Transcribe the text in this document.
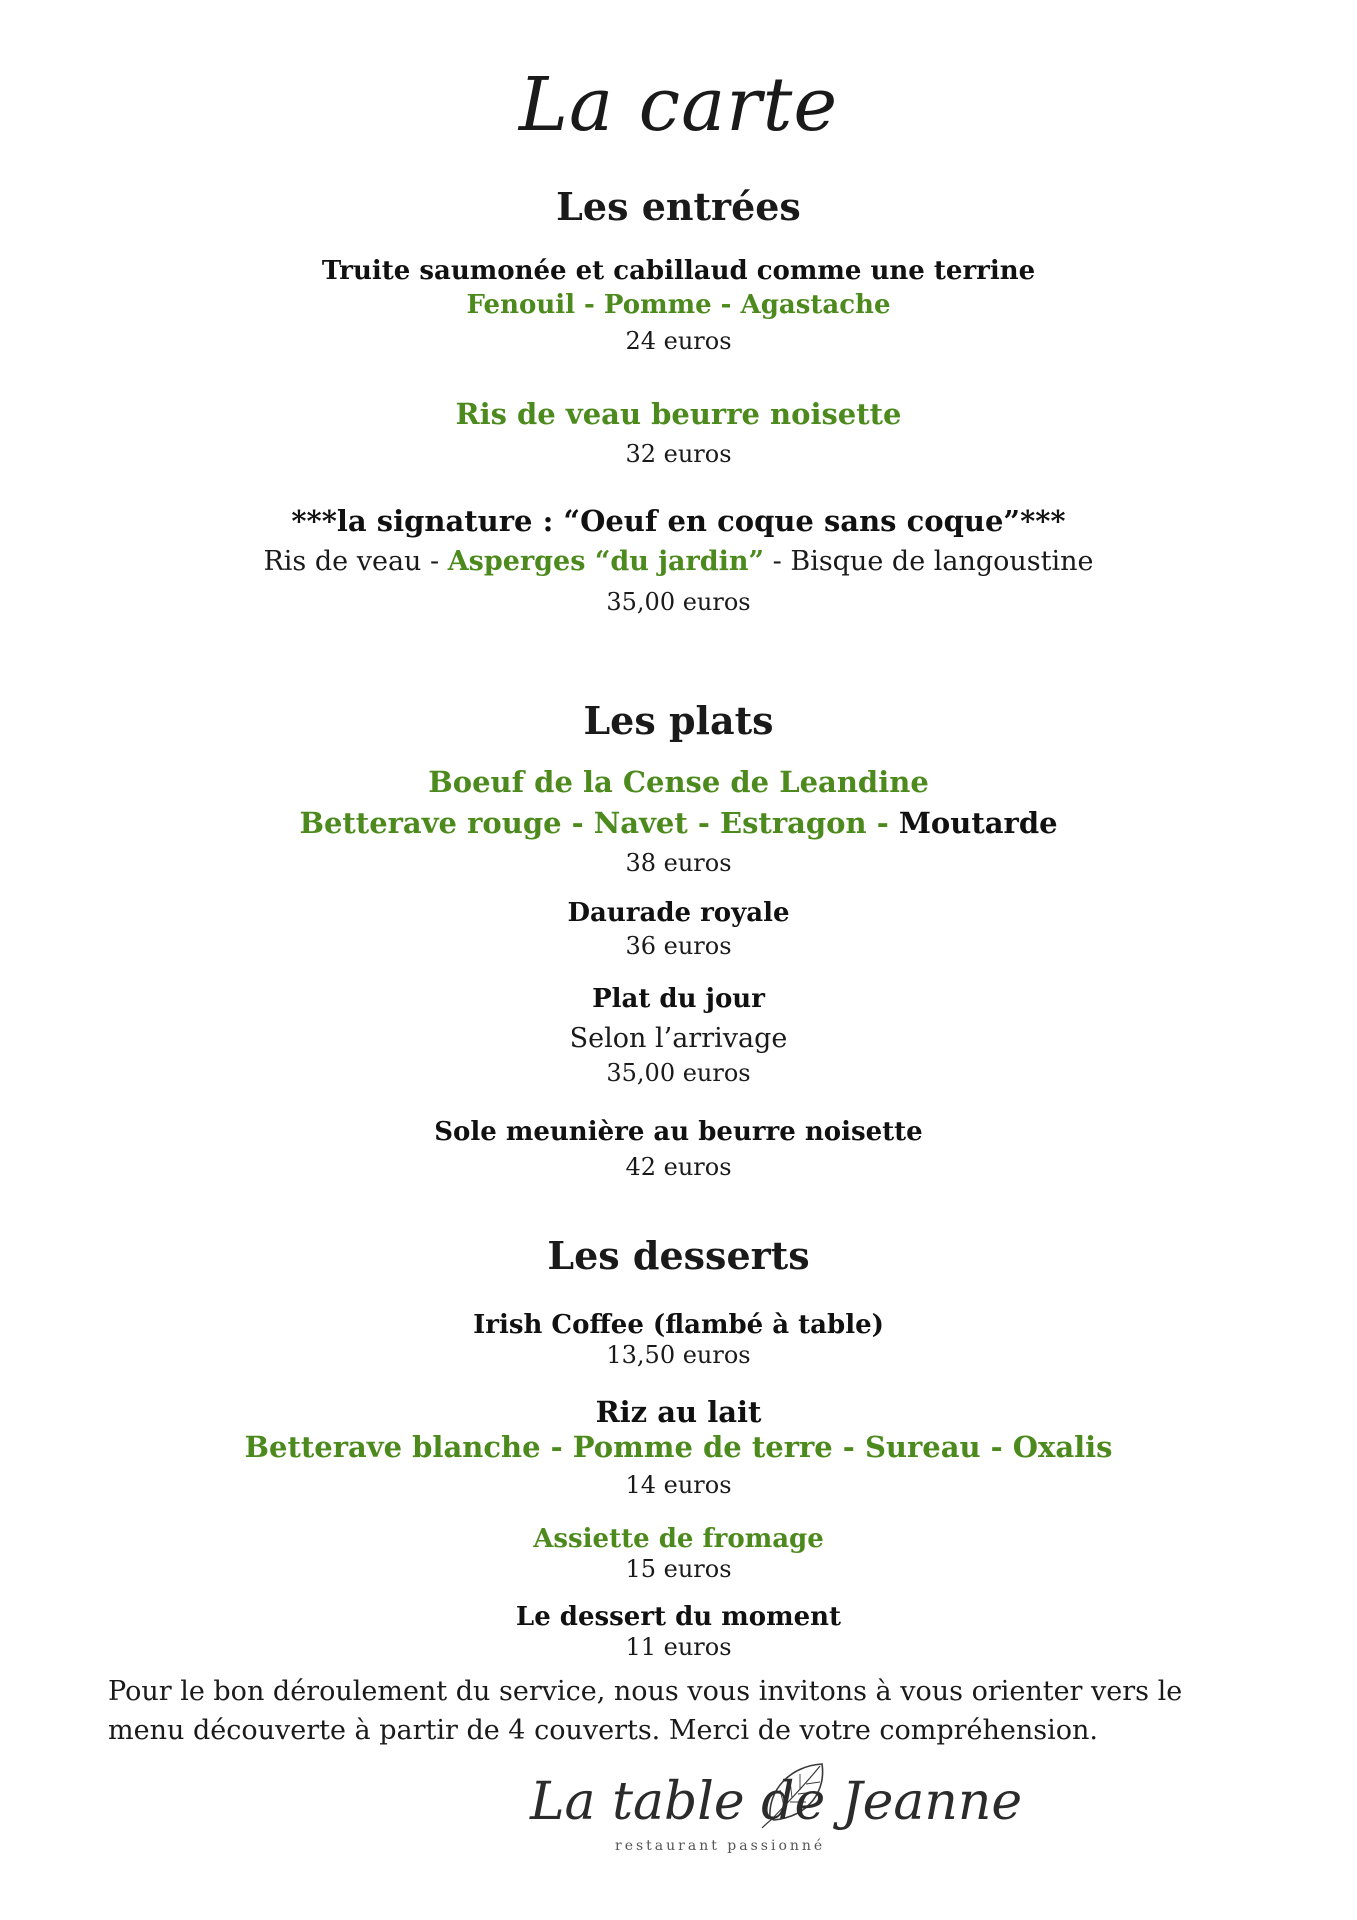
La carte
Les entrées
Truite saumonée et cabillaud comme une terrine
Fenouil - Pomme - Agastache
24 euros
Ris de veau beurre noisette
32 euros
***la signature : “Oeuf en coque sans coque”***
Ris de veau - Asperges “du jardin” - Bisque de langoustine
35,00 euros
Les plats
Boeuf de la Cense de Leandine
Betterave rouge - Navet - Estragon - Moutarde
38 euros
Daurade royale
36 euros
Plat du jour
Selon l’arrivage
35,00 euros
Sole meunière au beurre noisette
42 euros
Les desserts
Irish Coffee (flambé à table)
13,50 euros
Riz au lait
Betterave blanche - Pomme de terre - Sureau - Oxalis
14 euros
Assiette de fromage
15 euros
Le dessert du moment
11 euros

Pour le bon déroulement du service, nous vous invitons à vous orienter vers le menu découverte à partir de 4 couverts. Merci de votre compréhension.

La table de Jeanne
restaurant passionné
